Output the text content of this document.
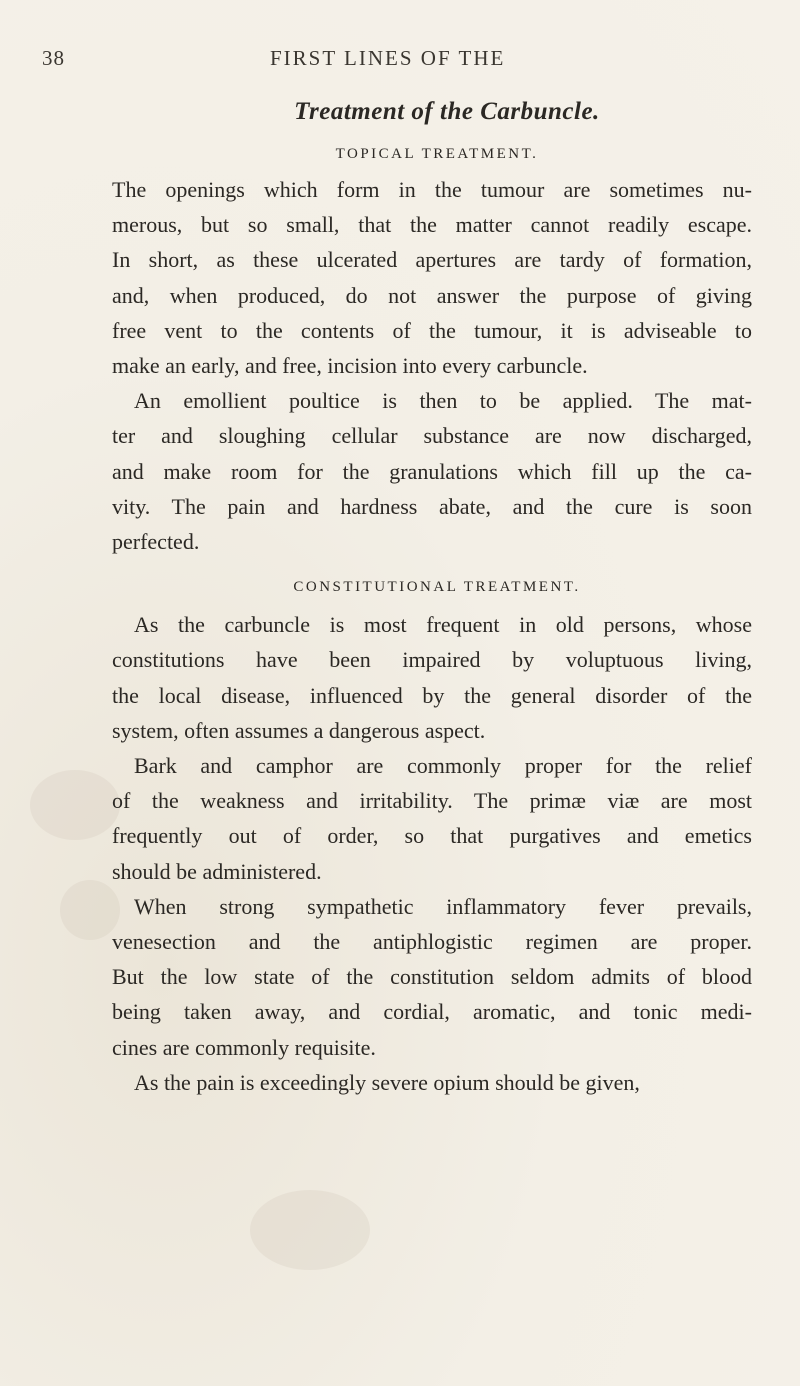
38	FIRST LINES OF THE
Treatment of the Carbuncle.

TOPICAL TREATMENT.

The openings which form in the tumour are sometimes nu-
merous, but so small, that the matter cannot readily escape.
In short, as these ulcerated apertures are tardy of formation,
and, when produced, do not answer the purpose of giving
free vent to the contents of the tumour, it is adviseable to
make an early, and free, incision into every carbuncle.
An emollient poultice is then to be applied. The mat-
ter and sloughing cellular substance are now discharged,
and make room for the granulations which fill up the ca-
vity. The pain and hardness abate, and the cure is soon
perfected.

CONSTITUTIONAL TREATMENT.

As the carbuncle is most frequent in old persons, whose
constitutions have been impaired by voluptuous living,
the local disease, influenced by the general disorder of the
system, often assumes a dangerous aspect.
Bark and camphor are commonly proper for the relief
of the weakness and irritability. The primæ viæ are most
frequently out of order, so that purgatives and emetics
should be administered.
When strong sympathetic inflammatory fever prevails,
venesection and the antiphlogistic regimen are proper.
But the low state of the constitution seldom admits of blood
being taken away, and cordial, aromatic, and tonic medi-
cines are commonly requisite.
As the pain is exceedingly severe opium should be given,
